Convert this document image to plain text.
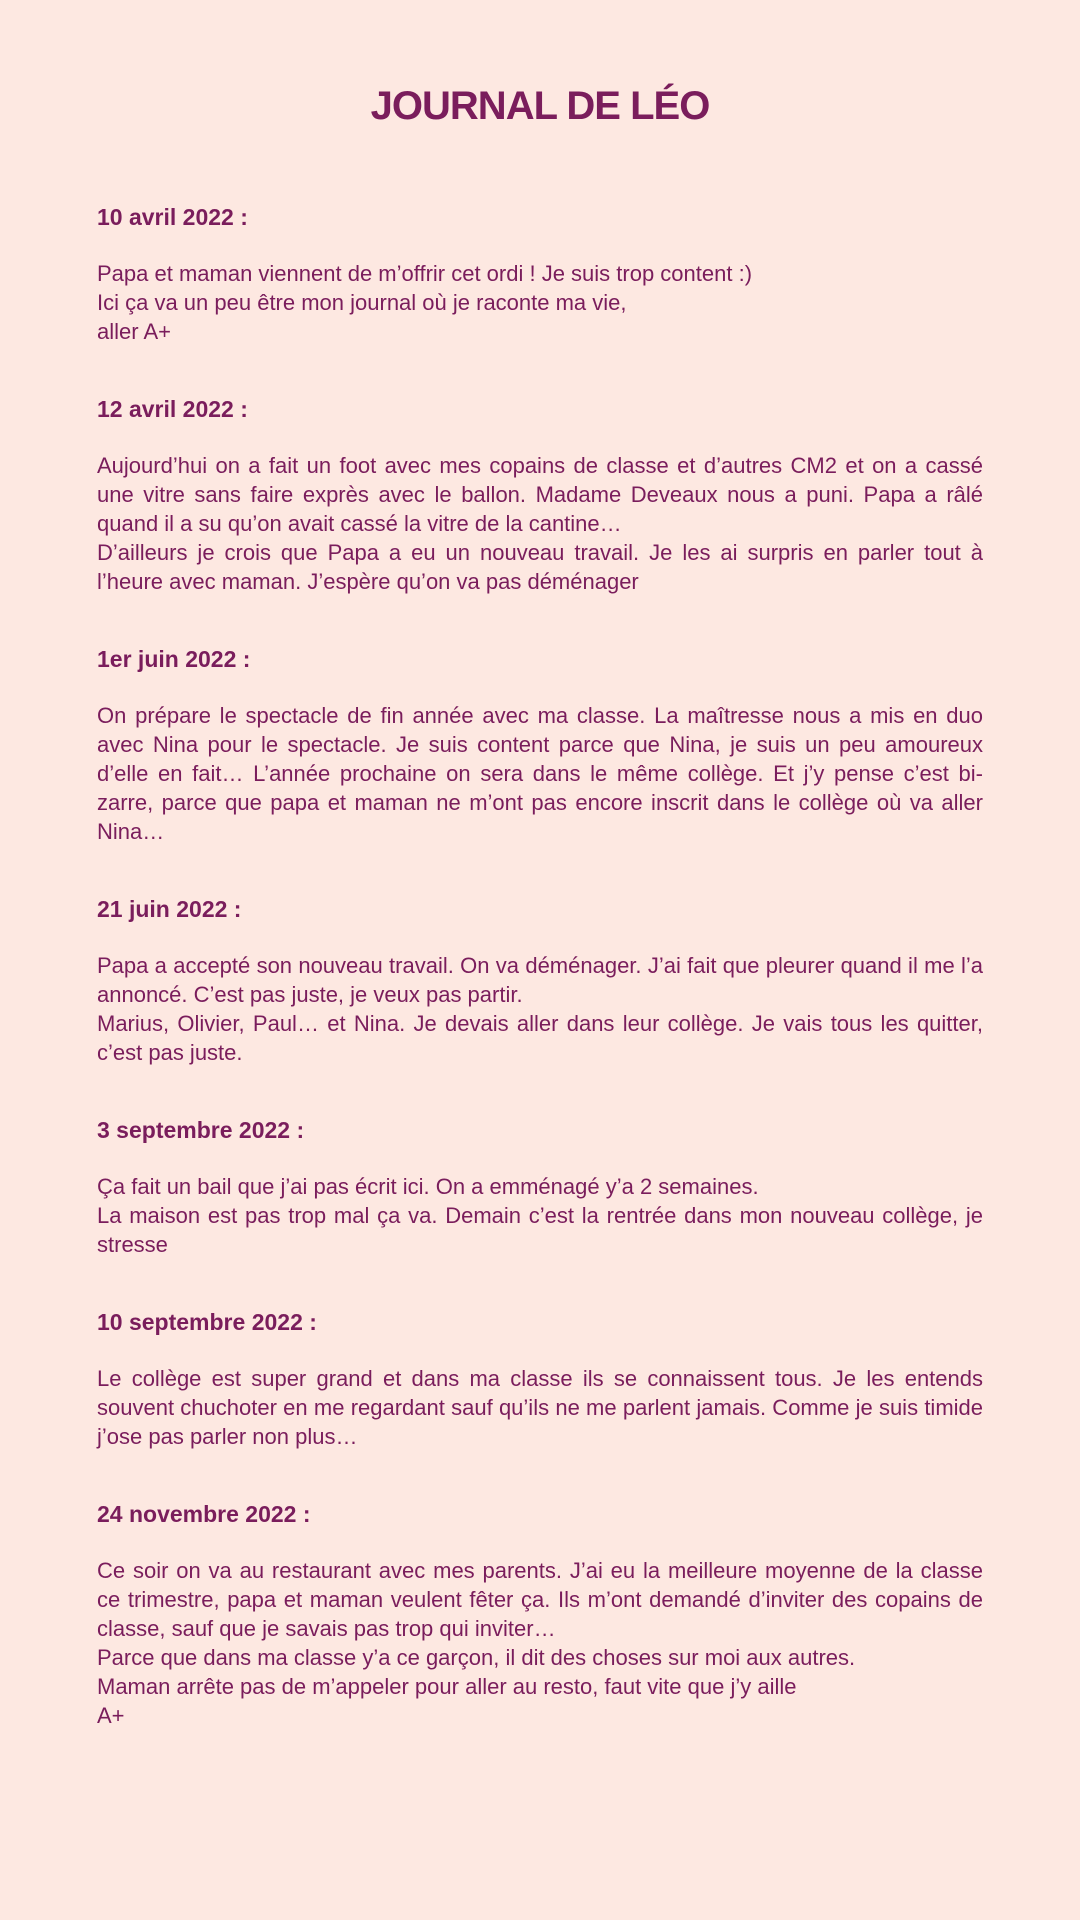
JOURNAL DE LÉO
10 avril 2022 :

Papa et maman viennent de m’offrir cet ordi ! Je suis trop content :)

Ici ça va un peu être mon journal où je raconte ma vie,

aller A+

12 avril 2022 :

Aujourd’hui on a fait un foot avec mes copains de classe et d’autres CM2 et on a cassé une vitre sans faire exprès avec le ballon. Madame Deveaux nous a puni. Papa a râlé quand il a su qu’on avait cassé la vitre de la cantine…

D’ailleurs je crois que Papa a eu un nouveau travail. Je les ai surpris en parler tout à l’heure avec maman. J’espère qu’on va pas déménager

1er juin 2022 :

On prépare le spectacle de fin année avec ma classe. La maîtresse nous a mis en duo avec Nina pour le spectacle. Je suis content parce que Nina, je suis un peu amoureux d’elle en fait… L’année prochaine on sera dans le même collège. Et j’y pense c’est bi-zarre, parce que papa et maman ne m’ont pas encore inscrit dans le collège où va aller Nina…

21 juin 2022 :

Papa a accepté son nouveau travail. On va déménager. J’ai fait que pleurer quand il me l’a annoncé. C’est pas juste, je veux pas partir.

Marius, Olivier, Paul… et Nina. Je devais aller dans leur collège. Je vais tous les quitter, c’est pas juste.

3 septembre 2022 :

Ça fait un bail que j’ai pas écrit ici. On a emménagé y’a 2 semaines.

La maison est pas trop mal ça va. Demain c’est la rentrée dans mon nouveau collège, je stresse

10 septembre 2022 :

Le collège est super grand et dans ma classe ils se connaissent tous. Je les entends souvent chuchoter en me regardant sauf qu’ils ne me parlent jamais. Comme je suis timide j’ose pas parler non plus…

24 novembre 2022 :

Ce soir on va au restaurant avec mes parents. J’ai eu la meilleure moyenne de la classe ce trimestre, papa et maman veulent fêter ça. Ils m’ont demandé d’inviter des copains de classe, sauf que je savais pas trop qui inviter…

Parce que dans ma classe y’a ce garçon, il dit des choses sur moi aux autres.

Maman arrête pas de m’appeler pour aller au resto, faut vite que j’y aille

A+
